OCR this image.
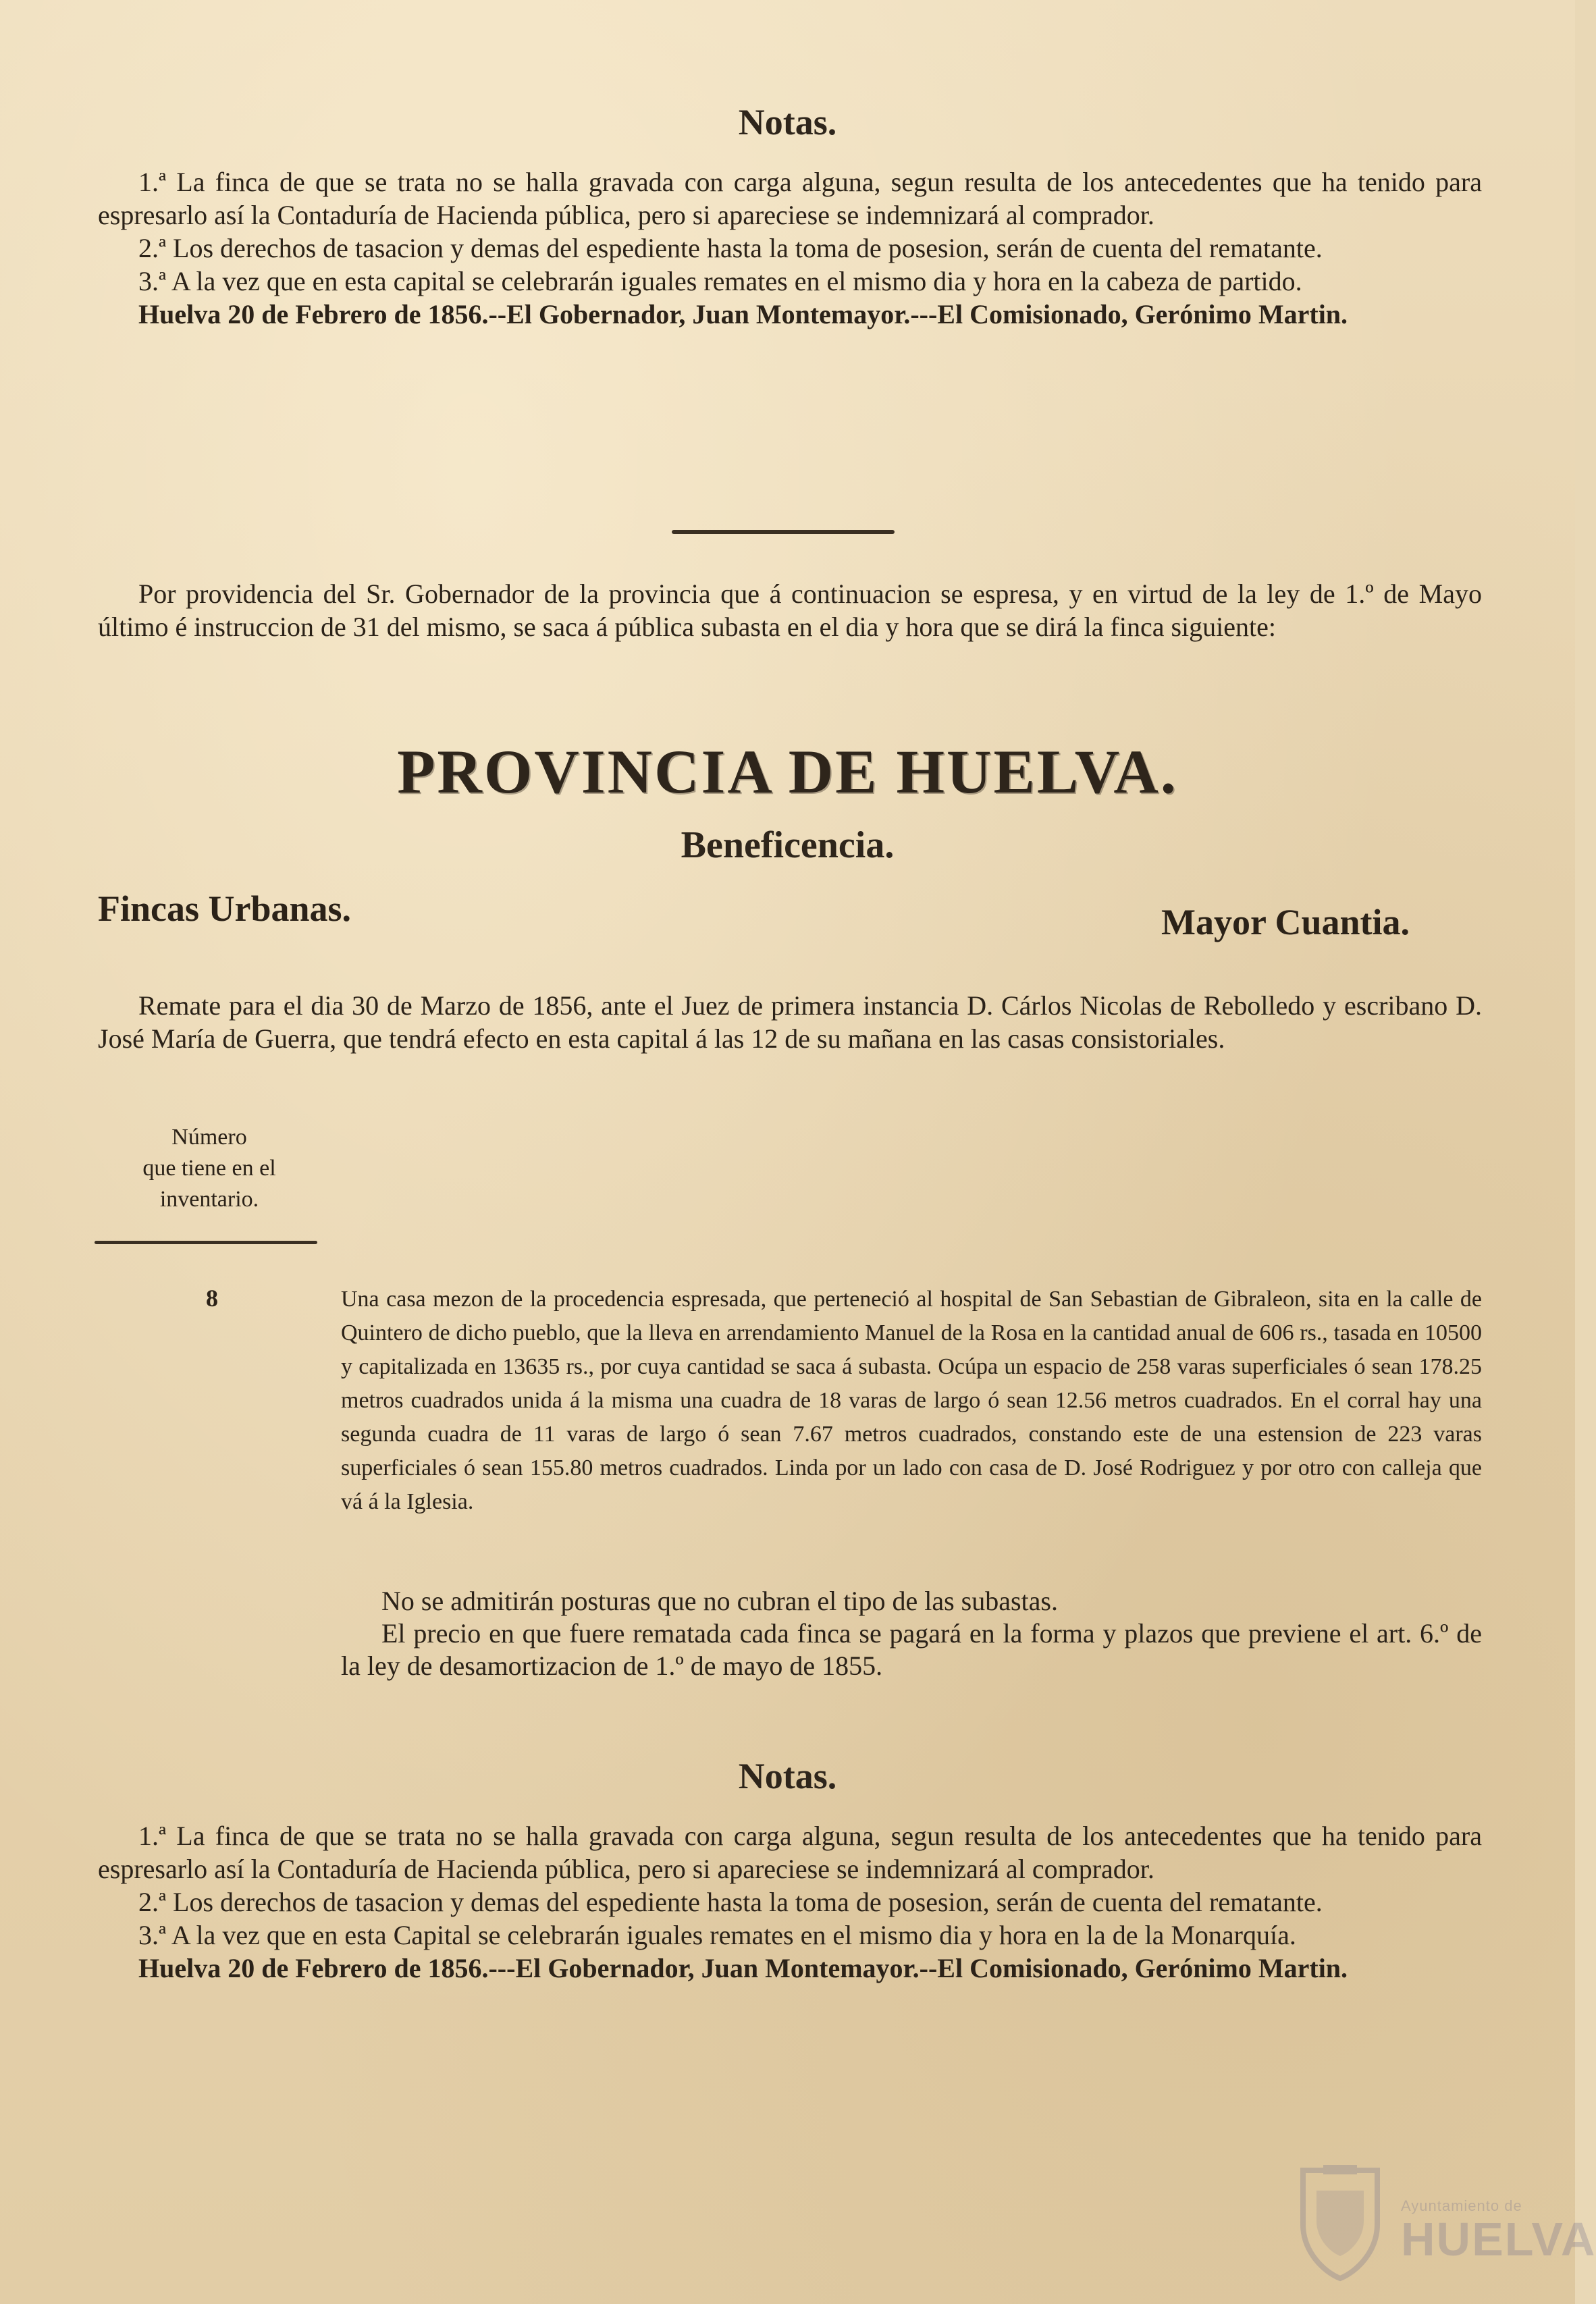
Notas.

1.ª La finca de que se trata no se halla gravada con carga alguna, segun resulta de los antecedentes que ha tenido para espresarlo así la Contaduría de Hacienda pública, pero si apareciese se indemnizará al comprador.

2.ª Los derechos de tasacion y demas del espediente hasta la toma de posesion, serán de cuenta del rematante.

3.ª A la vez que en esta capital se celebrarán iguales remates en el mismo dia y hora en la cabeza de partido.

Huelva 20 de Febrero de 1856.--El Gobernador, Juan Montemayor.---El Comisionado, Gerónimo Martin.

Por providencia del Sr. Gobernador de la provincia que á continuacion se espresa, y en virtud de la ley de 1.º de Mayo último é instruccion de 31 del mismo, se saca á pública subasta en el dia y hora que se dirá la finca siguiente:

PROVINCIA DE HUELVA.
Beneficencia.
Fincas Urbanas.	Mayor Cuantia.

Remate para el dia 30 de Marzo de 1856, ante el Juez de primera instancia D. Cárlos Nicolas de Rebolledo y escribano D. José María de Guerra, que tendrá efecto en esta capital á las 12 de su mañana en las casas consistoriales.

Número
que tiene en el
inventario.
8	Una casa mezon de la procedencia espresada, que perteneció al hospital de San Sebastian de Gibraleon, sita en la calle de Quintero de dicho pueblo, que la lleva en arrendamiento Manuel de la Rosa en la cantidad anual de 606 rs., tasada en 10500 y capitalizada en 13635 rs., por cuya cantidad se saca á subasta. Ocúpa un espacio de 258 varas superficiales ó sean 178.25 metros cuadrados unida á la misma una cuadra de 18 varas de largo ó sean 12.56 metros cuadrados. En el corral hay una segunda cuadra de 11 varas de largo ó sean 7.67 metros cuadrados, constando este de una estension de 223 varas superficiales ó sean 155.80 metros cuadrados. Linda por un lado con casa de D. José Rodriguez y por otro con calleja que vá á la Iglesia.

No se admitirán posturas que no cubran el tipo de las subastas.

El precio en que fuere rematada cada finca se pagará en la forma y plazos que previene el art. 6.º de la ley de desamortizacion de 1.º de mayo de 1855.

Notas.

1.ª La finca de que se trata no se halla gravada con carga alguna, segun resulta de los antecedentes que ha tenido para espresarlo así la Contaduría de Hacienda pública, pero si apareciese se indemnizará al comprador.

2.ª Los derechos de tasacion y demas del espediente hasta la toma de posesion, serán de cuenta del rematante.

3.ª A la vez que en esta Capital se celebrarán iguales remates en el mismo dia y hora en la de la Monarquía.

Huelva 20 de Febrero de 1856.---El Gobernador, Juan Montemayor.--El Comisionado, Gerónimo Martin.

Ayuntamiento de
HUELVA
